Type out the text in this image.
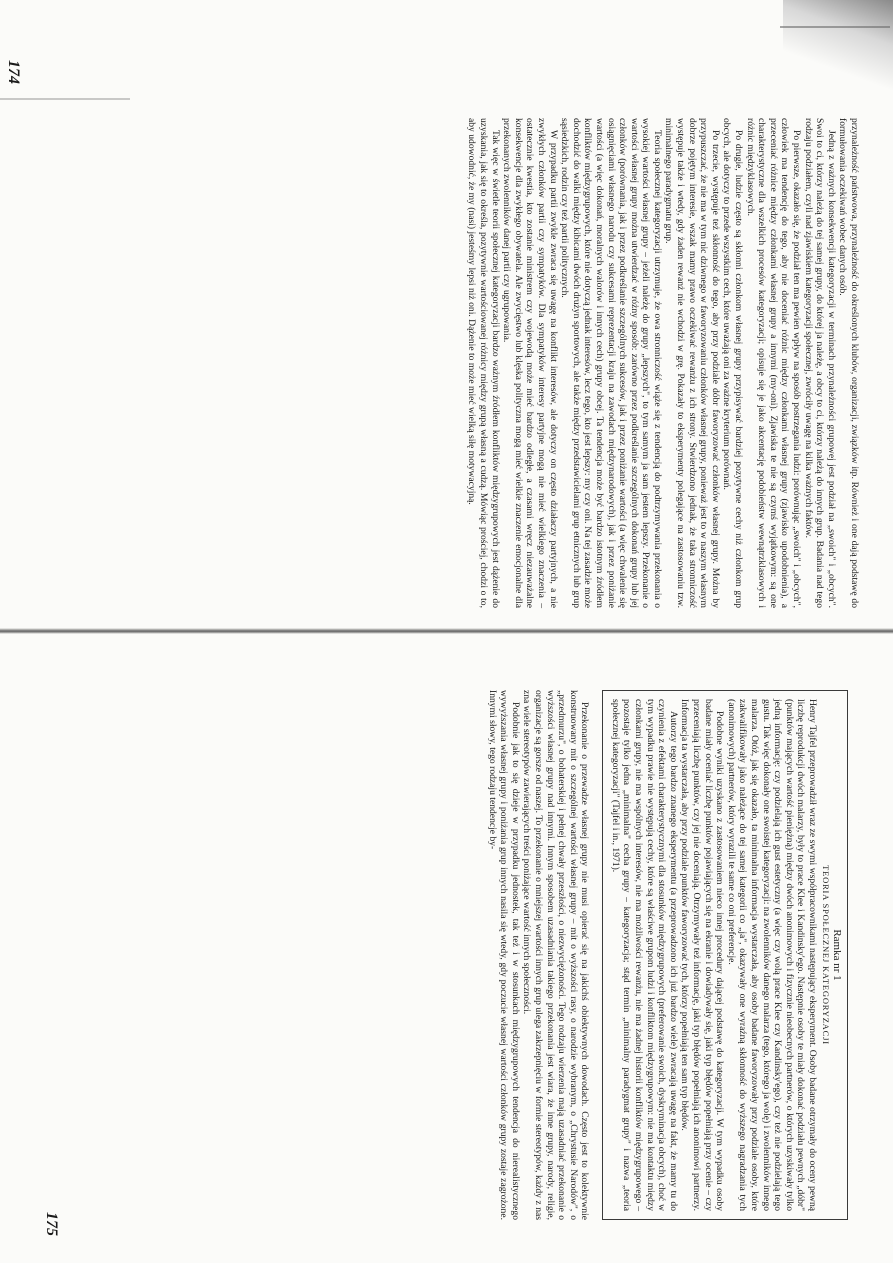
174
175

przynależność państwowa, przynależność do określonych klubów, organizacji, związków itp. Również i one dają podstawę do formułowania oczekiwań wobec danych osób.

Jedną z ważnych konsekwencji kategoryzacji w terminach przynależności grupowej jest podział na „swoich" i „obcych". Swoi to ci, którzy należą do tej samej grupy, do której ja należę, a obcy to ci, którzy należą do innych grup. Badania nad tego rodzaju podziałem, czyli nad zjawiskiem kategoryzacji społecznej, zwróciły uwagę na kilka ważnych faktów.

Po pierwsze, okazało się, że podział ten ma pewien wpływ na sposób postrzegania ludzi: porównując „swoich" i „obcych", człowiek ma tendencję do tego, aby nie doceniać różnic między członkami własnej grupy (zjawisko upodobnienia), a przeceniać różnice między członkami własnej grupy a innymi (my-oni). Zjawiska te nie są czymś wyjątkowym: są one charakterystyczne dla wszelkich procesów kategoryzacji; opisuje się je jako akcentację podobieństw wewnątrzklasowych i różnic międzyklasowych.

Po drugie, ludzie często są skłonni członkom własnej grupy przypisywać bardziej pozytywne cechy niż członkom grup obcych, ale dotyczy to przede wszystkim cech, które uważają oni za ważne kryterium porównań.

Po trzecie, występuje też skłonność do tego, aby przy podziale dóbr faworyzować członków własnej grupy. Można by przypuszczać, że nie ma w tym nic dziwnego w faworyzowaniu członków własnej grupy, ponieważ jest to w naszym własnym dobrze pojętym interesie, wszak mamy prawo oczekiwać rewanżu z ich strony. Stwierdzono jednak, że taka stronniczość występuje także i wtedy, gdy żaden rewanż nie wchodzi w grę. Pokazały to eksperymenty polegające na zastosowaniu tzw. minimalnego paradygmatu grup.

Teoria społecznej kategoryzacji utrzymuje, że owa stronniczość wiąże się z tendencją do podtrzymywania przekonania o wysokiej wartości własnej grupy – jeżeli należę do grupy „lepszych", to tym samym ja sam jestem lepszy. Przekonanie o wartości własnej grupy można utwierdzać w różny sposób: zarówno przez podkreślanie szczególnych dokonań grupy lub jej członków (porównania, jak i przez podkreślanie szczególnych sukcesów, jak i przez poniżanie wartości (a więc chwalenie się osiągnięciami własnego narodu czy sukcesami reprezentacji kraju na zawodach międzynarodowych), jak i przez poniżanie wartości (a więc dokonań, moralnych walorów i innych cech) grupy obcej. Ta tendencja może być bardzo istotnym źródłem konfliktów międzygrupowych, które nie dotyczą jednak interesów, lecz tego, kto jest lepszy: my czy oni. Na tej zasadzie może dochodzić do walki między kibicami dwóch drużyn sportowych, ale także między przedstawicielami grup etnicznych lub grup sąsiedzkich, rodzin czy też partii politycznych.

W przypadku partii zwykle zwraca się uwagę na konflikt interesów, ale dotyczy on często działaczy partyjnych, a nie zwykłych członków partii czy sympatyków. Dla sympatyków interesy partyjne mogą nie mieć wielkiego znaczenia – ostatecznie kwestia, kto zostanie ministrem czy wojewodą może mieć bardzo odległe, a czasami wręcz niezauważalne konsekwencje dla zwykłego obywatela. Ale zwycięstwo lub klęska polityczna mogą mieć wielkie znaczenie emocjonalne dla przekonanych zwolenników danej partii czy ugrupowania.

Tak więc w świetle teorii społecznej kategoryzacji bardzo ważnym źródłem konfliktów międzygrupowych jest dążenie do uzyskania, jak się to określa, pozytywnie wartościowanej różnicy między grupą własną a cudzą. Mówiąc prościej, chodzi o to, aby udowodnić, że my (nasi) jesteśmy lepsi niż oni. Dążenie to może mieć wielką siłę motywacyjną.

Ramka nr 1

TEORIA SPOŁECZNEJ KATEGORYZACJI

Henry Tajfel przeprowadził wraz ze swymi współpracownikami następujący eksperyment. Osoby badane otrzymały do oceny pewną liczbę reprodukcji dwóch malarzy, były to prace Klee i Kandinsky'ego. Następnie osoby te miały dokonać podziału pewnych „dóbr" (punktów mających wartość pieniężną) między dwóch anonimowych i fizycznie nieobecnych partnerów, o których uzyskiwały tylko jedną informację: czy podzielają ich gust estetyczny (a więc czy wolą prace Klee czy Kandinsky'ego), czy też nie podzielają tego gustu. Tak więc dokonały one swoistej kategoryzacji: na zwolenników danego malarza (tego, którego ja wolę) i zwolenników innego malarza. Otóż, jak się okazało, ta minimalna informacja wystarczała, aby osoby badane faworyzowały przy podziale osoby, które zakwalifikowały jako należące do tej samej kategorii co „ja", okazywały one wyraźną skłonność do wyższego nagradzania tych (anonimowych) partnerów, który wyrazili te same co oni preferencje.

Podobne wyniki uzyskano z zastosowaniem nieco innej procedury dającej podstawę do kategoryzacji. W tym wypadku osoby badane miały oceniać liczbę punktów pojawiających się na ekranie i dowiadywały się, jaki typ błędów popełniają przy ocenie – czy przeceniają liczbę punktów, czy jej nie doceniają. Otrzymywały też informację, jaki typ błędów popełniają ich anonimowi partnerzy. Informacja ta wystarczała, aby przy podziale punktów faworyzować tych, którzy popełniają ten sam typ błędów.

Autorzy tego bardzo znanego eksperymentu (a przeprowadzono ich już bardzo wiele) zwracają uwagę na fakt, że mamy tu do czynienia z efektami charakterystycznymi dla stosunków międzygrupowych (preferowanie swoich, dyskryminacja obcych), choć w tym wypadku prawie nie występują cechy, które są właściwe grupom ludzi i konfliktom międzygrupowym: nie ma kontaktu między członkami grupy, nie ma wspólnych interesów, nie ma możliwości rewanżu, nie ma żadnej historii konfliktów międzygrupowego – pozostaje tylko jedna „minimalna" cecha grupy – kategoryzacja; stąd termin „minimalny paradygmat grupy" i nazwa „teoria społecznej kategoryzacji" (Tajfel i in., 1971).

Przekonanie o przewadze własnej grupy nie musi opierać się na jakichś obiektywnych dowodach. Często jest to kolektywnie konstruowany mit o szczególnej wartości własnej grupy – mit o wyższości rasy, o narodzie wybranym, o „Chrystusie Narodów", o „przedmurzu", o bohaterskiej i pełnej chwały przeszłości, o niezwyciężoności. Tego rodzaju wierzenia mają uzasadniać przekonanie o wyższości własnej grupy nad innymi. Innym sposobem uzasadniania takiego przekonania jest wiara, że inne grupy, narody, religie, organizacje są gorsze od naszej. To przekonanie o mniejszej wartości innych grup ulega zakrzepnięciu w formie stereotypów, każdy z nas zna wiele stereotypów zawierających treści poniżające wartość innych społeczności.

Podobnie jak to się dzieje w przypadku jednostek, tak też i w stosunkach międzygrupowych tendencja do nierealistycznego wywyższania własnej grupy i poniżania grup innych nasila się wtedy, gdy poczucie własnej wartości członków grupy zostaje zagrożone. Innymi słowy, tego rodzaju tendencje by-
